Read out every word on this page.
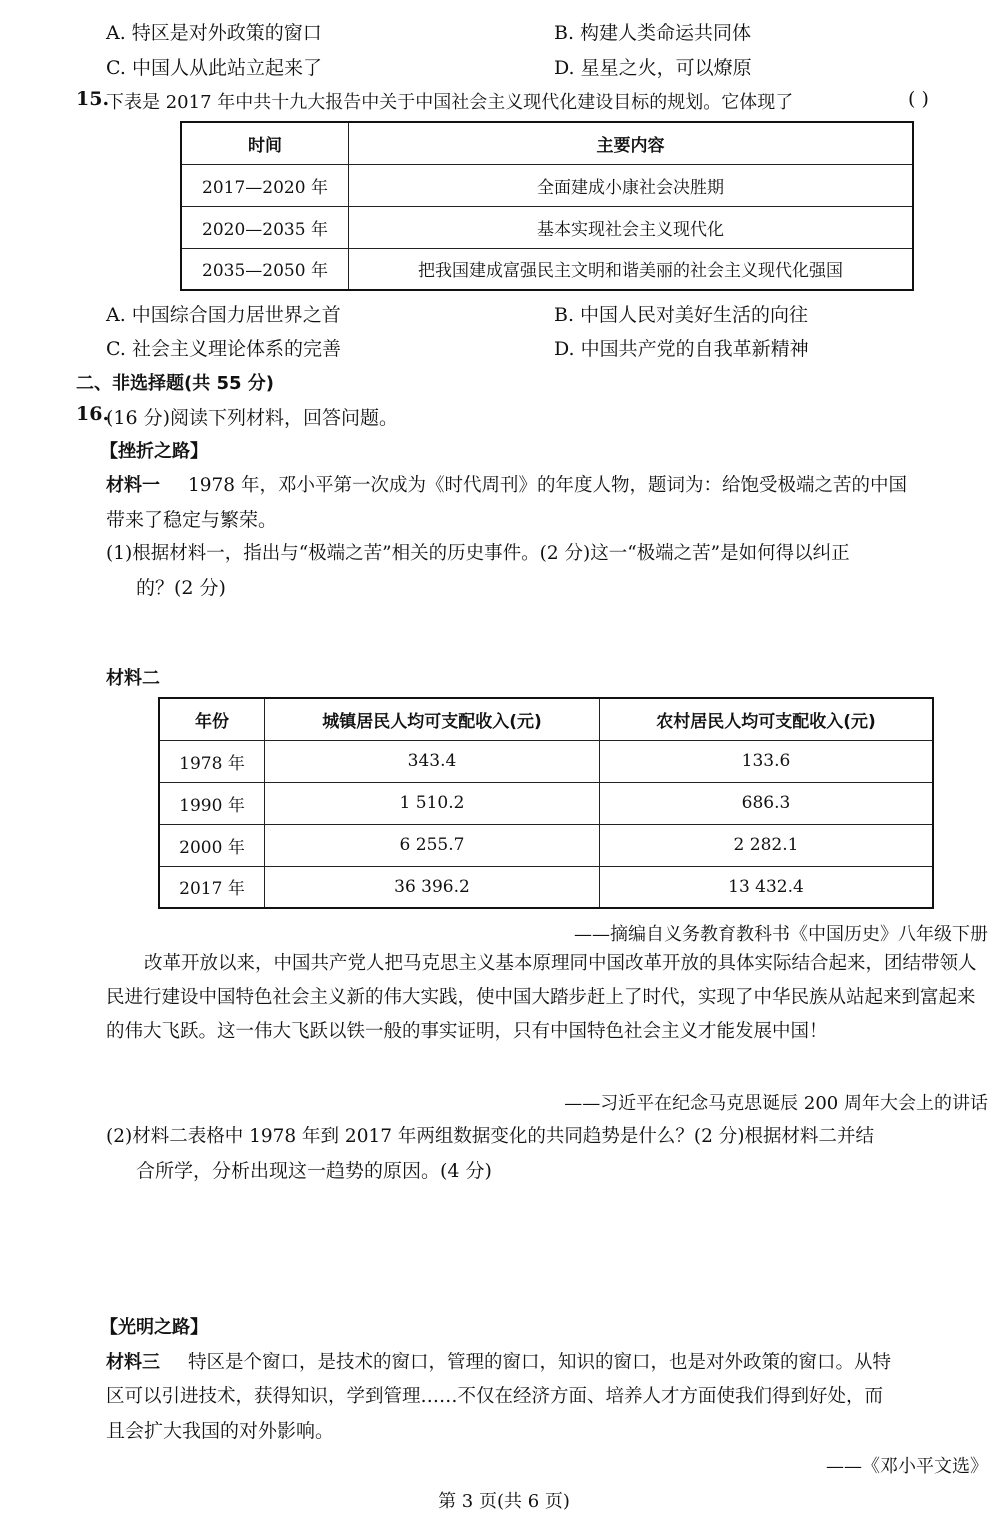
A. 特区是对外政策的窗口	B. 构建人类命运共同体
C. 中国人从此站立起来了	D. 星星之火，可以燎原
15.
下表是 2017 年中共十九大报告中关于中国社会主义现代化建设目标的规划。它体现了	( )
时间	主要内容
2017—2020 年	全面建成小康社会决胜期
2020—2035 年	基本实现社会主义现代化
2035—2050 年	把我国建成富强民主文明和谐美丽的社会主义现代化强国
A. 中国综合国力居世界之首	B. 中国人民对美好生活的向往
C. 社会主义理论体系的完善	D. 中国共产党的自我革新精神
二、非选择题(共 55 分)
16.
(16 分)阅读下列材料，回答问题。
【挫折之路】
材料一 1978 年，邓小平第一次成为《时代周刊》的年度人物，题词为：给饱受极端之苦的中国
带来了稳定与繁荣。
(1)根据材料一，指出与“极端之苦”相关的历史事件。(2 分)这一“极端之苦”是如何得以纠正
的？(2 分)
材料二
年份	城镇居民人均可支配收入(元)	农村居民人均可支配收入(元)
1978 年	343.4	133.6
1990 年	1 510.2	686.3
2000 年	6 255.7	2 282.1
2017 年	36 396.2	13 432.4
——摘编自义务教育教科书《中国历史》八年级下册
改革开放以来，中国共产党人把马克思主义基本原理同中国改革开放的具体实际结合起来，团结带领人民进行建设中国特色社会主义新的伟大实践，使中国大踏步赶上了时代，实现了中华民族从站起来到富起来的伟大飞跃。这一伟大飞跃以铁一般的事实证明，只有中国特色社会主义才能发展中国！
——习近平在纪念马克思诞辰 200 周年大会上的讲话
(2)材料二表格中 1978 年到 2017 年两组数据变化的共同趋势是什么？(2 分)根据材料二并结
合所学，分析出现这一趋势的原因。(4 分)
【光明之路】
材料三 特区是个窗口，是技术的窗口，管理的窗口，知识的窗口，也是对外政策的窗口。从特
区可以引进技术，获得知识，学到管理……不仅在经济方面、培养人才方面使我们得到好处，而
且会扩大我国的对外影响。
——《邓小平文选》
第 3 页(共 6 页)
